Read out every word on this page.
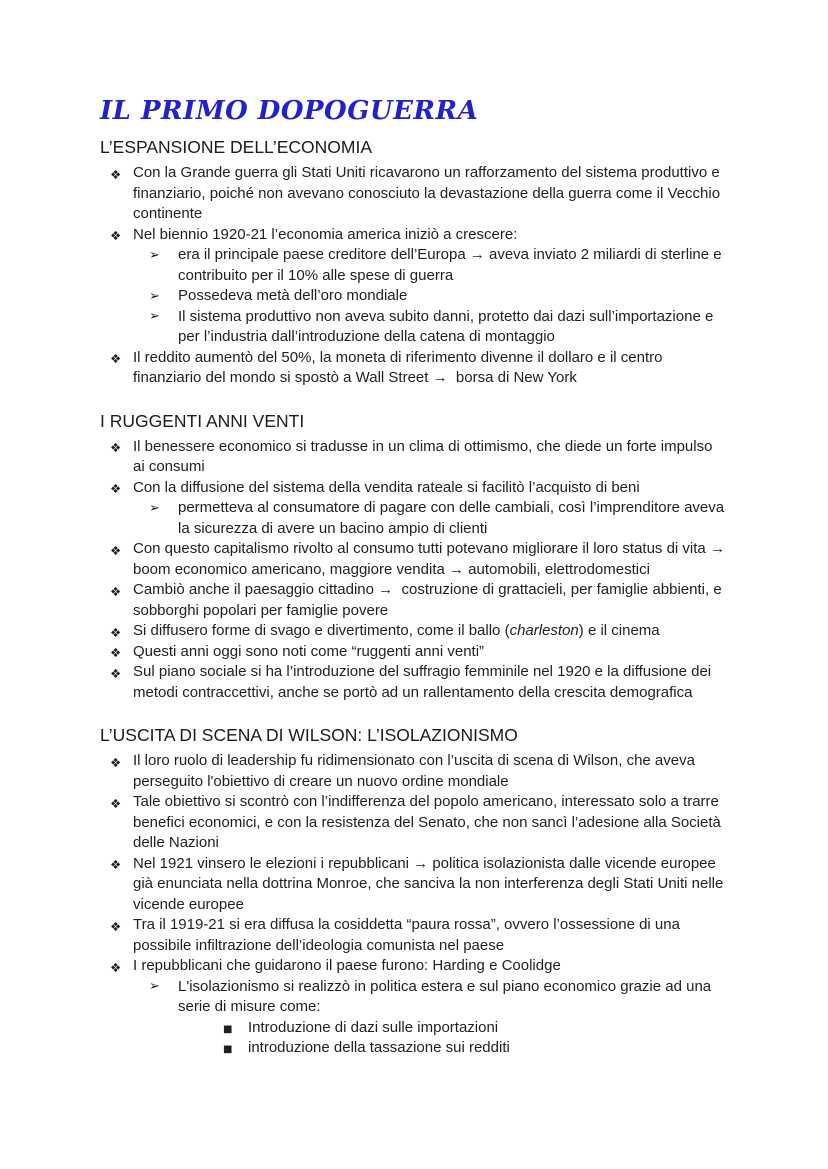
IL PRIMO DOPOGUERRA
L’ESPANSIONE DELL’ECONOMIA
❖ Con la Grande guerra gli Stati Uniti ricavarono un rafforzamento del sistema produttivo e finanziario, poiché non avevano conosciuto la devastazione della guerra come il Vecchio continente
❖ Nel biennio 1920-21 l’economia america iniziò a crescere:
➢ era il principale paese creditore dell’Europa → aveva inviato 2 miliardi di sterline e contribuito per il 10% alle spese di guerra
➢ Possedeva metà dell’oro mondiale
➢ Il sistema produttivo non aveva subito danni, protetto dai dazi sull’importazione e per l’industria dall’introduzione della catena di montaggio
❖ Il reddito aumentò del 50%, la moneta di riferimento divenne il dollaro e il centro finanziario del mondo si spostò a Wall Street →  borsa di New York
I RUGGENTI ANNI VENTI
❖ Il benessere economico si tradusse in un clima di ottimismo, che diede un forte impulso ai consumi
❖ Con la diffusione del sistema della vendita rateale si facilitò l’acquisto di beni
➢ permetteva al consumatore di pagare con delle cambiali, così l’imprenditore aveva la sicurezza di avere un bacino ampio di clienti
❖ Con questo capitalismo rivolto al consumo tutti potevano migliorare il loro status di vita →  boom economico americano, maggiore vendita → automobili, elettrodomestici
❖ Cambiò anche il paesaggio cittadino →  costruzione di grattacieli, per famiglie abbienti, e sobborghi popolari per famiglie povere
❖ Si diffusero forme di svago e divertimento, come il ballo (charleston) e il cinema
❖ Questi anni oggi sono noti come “ruggenti anni venti”
❖ Sul piano sociale si ha l’introduzione del suffragio femminile nel 1920 e la diffusione dei metodi contraccettivi, anche se portò ad un rallentamento della crescita demografica
L’USCITA DI SCENA DI WILSON: L’ISOLAZIONISMO
❖ Il loro ruolo di leadership fu ridimensionato con l’uscita di scena di Wilson, che aveva perseguito l'obiettivo di creare un nuovo ordine mondiale
❖ Tale obiettivo si scontrò con l’indifferenza del popolo americano, interessato solo a trarre benefici economici, e con la resistenza del Senato, che non sancì l’adesione alla Società delle Nazioni
❖ Nel 1921 vinsero le elezioni i repubblicani → politica isolazionista dalle vicende europee già enunciata nella dottrina Monroe, che sanciva la non interferenza degli Stati Uniti nelle vicende europee
❖ Tra il 1919-21 si era diffusa la cosiddetta “paura rossa”, ovvero l’ossessione di una possibile infiltrazione dell’ideologia comunista nel paese
❖ I repubblicani che guidarono il paese furono: Harding e Coolidge
➢ L'isolazionismo si realizzò in politica estera e sul piano economico grazie ad una serie di misure come:
■ Introduzione di dazi sulle importazioni
■ introduzione della tassazione sui redditi
